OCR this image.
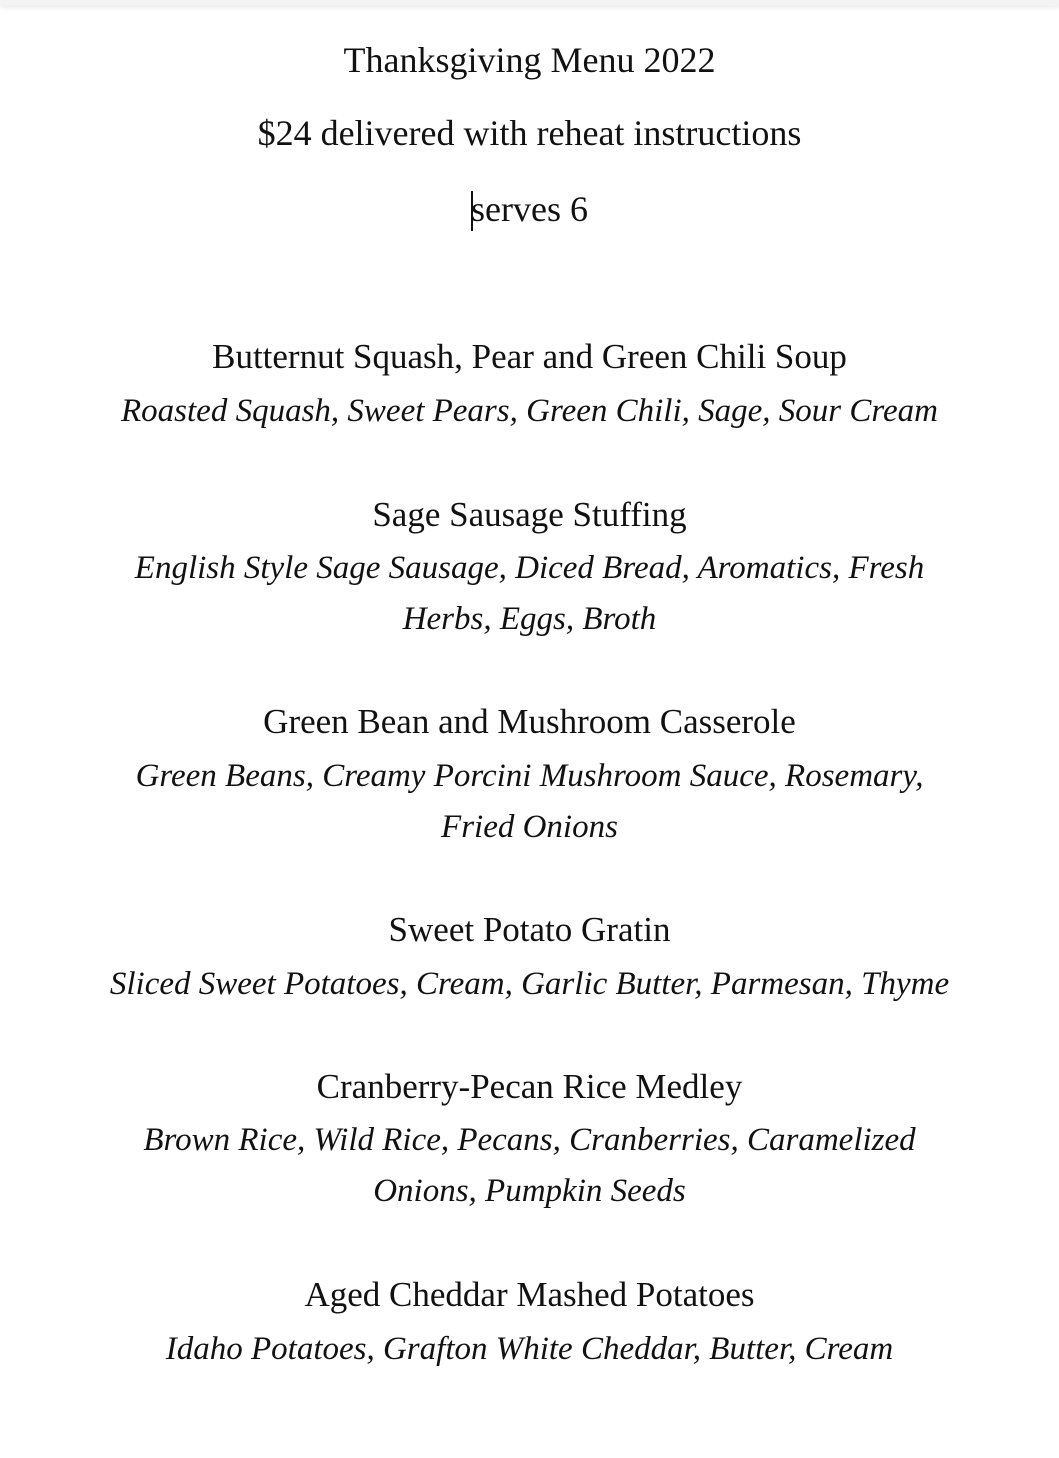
Thanksgiving Menu 2022
$24 delivered with reheat instructions
serves 6
Butternut Squash, Pear and Green Chili Soup
Roasted Squash, Sweet Pears, Green Chili, Sage, Sour Cream
Sage Sausage Stuffing
English Style Sage Sausage, Diced Bread, Aromatics, Fresh
Herbs, Eggs, Broth
Green Bean and Mushroom Casserole
Green Beans, Creamy Porcini Mushroom Sauce, Rosemary,
Fried Onions
Sweet Potato Gratin
Sliced Sweet Potatoes, Cream, Garlic Butter, Parmesan, Thyme
Cranberry-Pecan Rice Medley
Brown Rice, Wild Rice, Pecans, Cranberries, Caramelized
Onions, Pumpkin Seeds
Aged Cheddar Mashed Potatoes
Idaho Potatoes, Grafton White Cheddar, Butter, Cream
